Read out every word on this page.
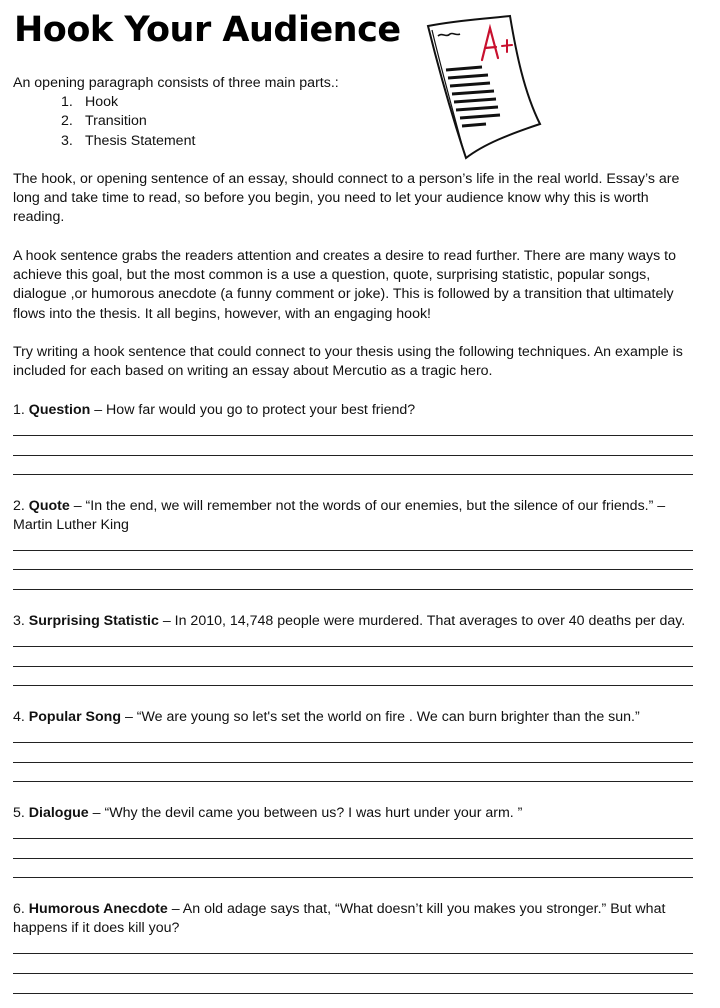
Hook Your Audience
An opening paragraph consists of three main parts.:
1. Hook
2. Transition
3. Thesis Statement
The hook, or opening sentence of an essay, should connect to a person’s life in the real world. Essay’s are long and take time to read, so before you begin, you need to let your audience know why this is worth reading.
A hook sentence grabs the readers attention and creates a desire to read further. There are many ways to achieve this goal, but the most common is a use a question, quote, surprising statistic, popular songs, dialogue ,or humorous anecdote (a funny comment or joke). This is followed by a transition that ultimately flows into the thesis. It all begins, however, with an engaging hook!
Try writing a hook sentence that could connect to your thesis using the following techniques. An example is included for each based on writing an essay about Mercutio as a tragic hero.
1. Question – How far would you go to protect your best friend?
2. Quote – “In the end, we will remember not the words of our enemies, but the silence of our friends.” – Martin Luther King
3. Surprising Statistic – In 2010, 14,748 people were murdered. That averages to over 40 deaths per day.
4. Popular Song – “We are young so let's set the world on fire . We can burn brighter than the sun.”
5. Dialogue – “Why the devil came you between us? I was hurt under your arm. ”
6. Humorous Anecdote – An old adage says that, “What doesn’t kill you makes you stronger.” But what happens if it does kill you?
